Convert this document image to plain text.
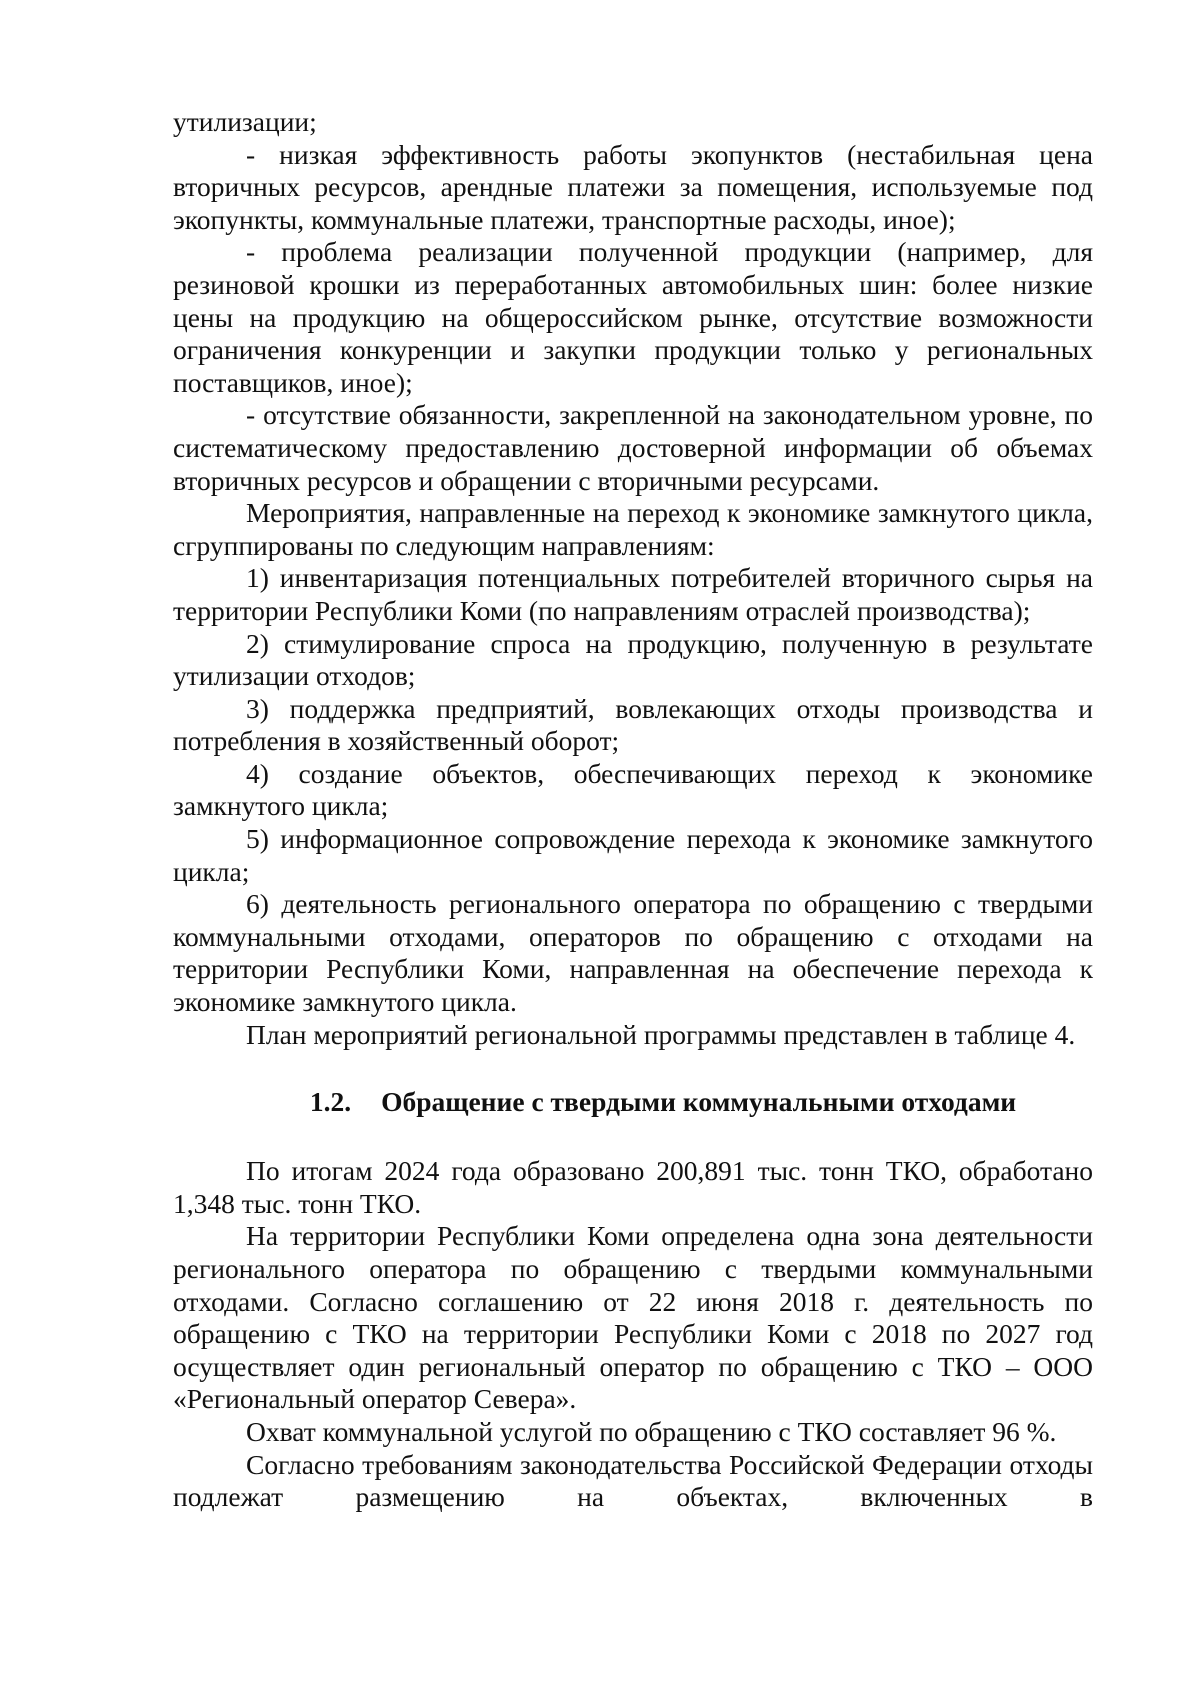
утилизации;

- низкая эффективность работы экопунктов (нестабильная цена вторичных ресурсов, арендные платежи за помещения, используемые под экопункты, коммунальные платежи, транспортные расходы, иное);

- проблема реализации полученной продукции (например, для резиновой крошки из переработанных автомобильных шин: более низкие цены на продукцию на общероссийском рынке, отсутствие возможности ограничения конкуренции и закупки продукции только у региональных поставщиков, иное);

- отсутствие обязанности, закрепленной на законодательном уровне, по систематическому предоставлению достоверной информации об объемах вторичных ресурсов и обращении с вторичными ресурсами.

Мероприятия, направленные на переход к экономике замкнутого цикла, сгруппированы по следующим направлениям:

1) инвентаризация потенциальных потребителей вторичного сырья на территории Республики Коми (по направлениям отраслей производства);

2) стимулирование спроса на продукцию, полученную в результате утилизации отходов;

3) поддержка предприятий, вовлекающих отходы производства и потребления в хозяйственный оборот;

4) создание объектов, обеспечивающих переход к экономике замкнутого цикла;

5) информационное сопровождение перехода к экономике замкнутого цикла;

6) деятельность регионального оператора по обращению с твердыми коммунальными отходами, операторов по обращению с отходами на территории Республики Коми, направленная на обеспечение перехода к экономике замкнутого цикла.

План мероприятий региональной программы представлен в таблице 4.

1.2. Обращение с твердыми коммунальными отходами

По итогам 2024 года образовано 200,891 тыс. тонн ТКО, обработано 1,348 тыс. тонн ТКО.

На территории Республики Коми определена одна зона деятельности регионального оператора по обращению с твердыми коммунальными отходами. Согласно соглашению от 22 июня 2018 г. деятельность по обращению с ТКО на территории Республики Коми с 2018 по 2027 год осуществляет один региональный оператор по обращению с ТКО – ООО «Региональный оператор Севера».

Охват коммунальной услугой по обращению с ТКО составляет 96 %.

Согласно требованиям законодательства Российской Федерации отходы подлежат размещению на объектах, включенных в
